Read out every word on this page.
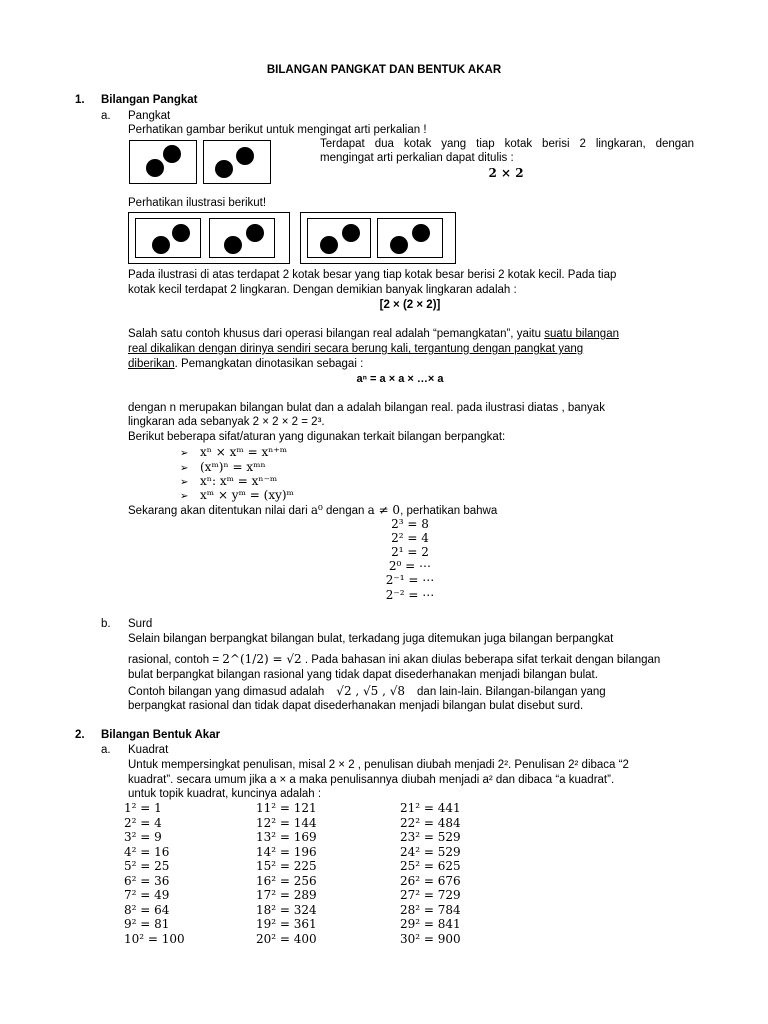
BILANGAN PANGKAT DAN BENTUK AKAR
1. Bilangan Pangkat
a. Pangkat
Perhatikan gambar berikut untuk mengingat arti perkalian !
Terdapat dua kotak yang tiap kotak berisi 2 lingkaran, dengan
mengingat arti perkalian dapat ditulis :
2 × 2
Perhatikan ilustrasi berikut!
Pada ilustrasi di atas terdapat 2 kotak besar yang tiap kotak besar berisi 2 kotak kecil. Pada tiap
kotak kecil terdapat 2 lingkaran. Dengan demikian banyak lingkaran adalah :
[2 × (2 × 2)]
Salah satu contoh khusus dari operasi bilangan real adalah “pemangkatan”, yaitu suatu bilangan
real dikalikan dengan dirinya sendiri secara berung kali, tergantung dengan pangkat yang
diberikan. Pemangkatan dinotasikan sebagai :
aⁿ = a × a × …× a
dengan n merupakan bilangan bulat dan a adalah bilangan real. pada ilustrasi diatas , banyak
lingkaran ada sebanyak 2 × 2 × 2 = 2³.
Berikut beberapa sifat/aturan yang digunakan terkait bilangan berpangkat:
➢ xⁿ × xᵐ = xⁿ⁺ᵐ
➢ (xᵐ)ⁿ = xᵐⁿ
➢ xⁿ: xᵐ = xⁿ⁻ᵐ
➢ xᵐ × yᵐ = (xy)ᵐ
Sekarang akan ditentukan nilai dari a⁰ dengan a ≠ 0, perhatikan bahwa
2³ = 8
2² = 4
2¹ = 2
2⁰ = ⋯
2⁻¹ = ⋯
2⁻² = ⋯
b. Surd
Selain bilangan berpangkat bilangan bulat, terkadang juga ditemukan juga bilangan berpangkat
rasional, contoh = 2^(1/2) = √2 . Pada bahasan ini akan diulas beberapa sifat terkait dengan bilangan
bulat berpangkat bilangan rasional yang tidak dapat disederhanakan menjadi bilangan bulat.
Contoh bilangan yang dimasud adalah √2 , √5 , √8 dan lain-lain. Bilangan-bilangan yang
berpangkat rasional dan tidak dapat disederhanakan menjadi bilangan bulat disebut surd.
2. Bilangan Bentuk Akar
a. Kuadrat
Untuk mempersingkat penulisan, misal 2 × 2 , penulisan diubah menjadi 2². Penulisan 2² dibaca “2
kuadrat”. secara umum jika a × a maka penulisannya diubah menjadi a² dan dibaca “a kuadrat”.
untuk topik kuadrat, kuncinya adalah :
1² = 1
2² = 4
3² = 9
4² = 16
5² = 25
6² = 36
7² = 49
8² = 64
9² = 81
10² = 100
11² = 121
12² = 144
13² = 169
14² = 196
15² = 225
16² = 256
17² = 289
18² = 324
19² = 361
20² = 400
21² = 441
22² = 484
23² = 529
24² = 529
25² = 625
26² = 676
27² = 729
28² = 784
29² = 841
30² = 900
